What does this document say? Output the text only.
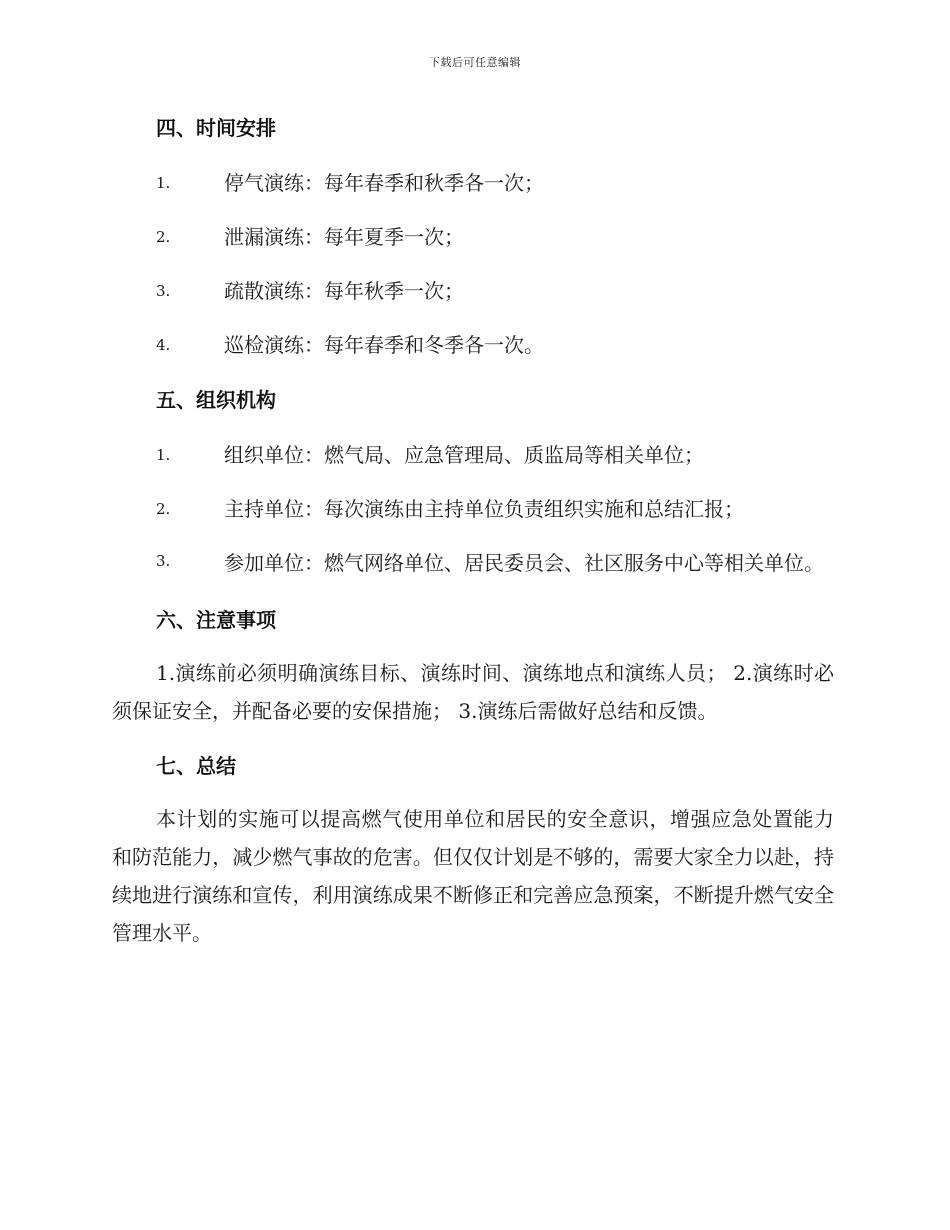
下载后可任意编辑
四、时间安排
1.	停气演练：每年春季和秋季各一次；
2.	泄漏演练：每年夏季一次；
3.	疏散演练：每年秋季一次；
4.	巡检演练：每年春季和冬季各一次。
五、组织机构
1.	组织单位：燃气局、应急管理局、质监局等相关单位；
2.	主持单位：每次演练由主持单位负责组织实施和总结汇报；
3.	参加单位：燃气网络单位、居民委员会、社区服务中心等相关单位。
六、注意事项

1.演练前必须明确演练目标、演练时间、演练地点和演练人员； 2.演练时必须保证安全，并配备必要的安保措施； 3.演练后需做好总结和反馈。

七、总结

本计划的实施可以提高燃气使用单位和居民的安全意识，增强应急处置能力和防范能力，减少燃气事故的危害。但仅仅计划是不够的，需要大家全力以赴，持续地进行演练和宣传，利用演练成果不断修正和完善应急预案，不断提升燃气安全管理水平。
